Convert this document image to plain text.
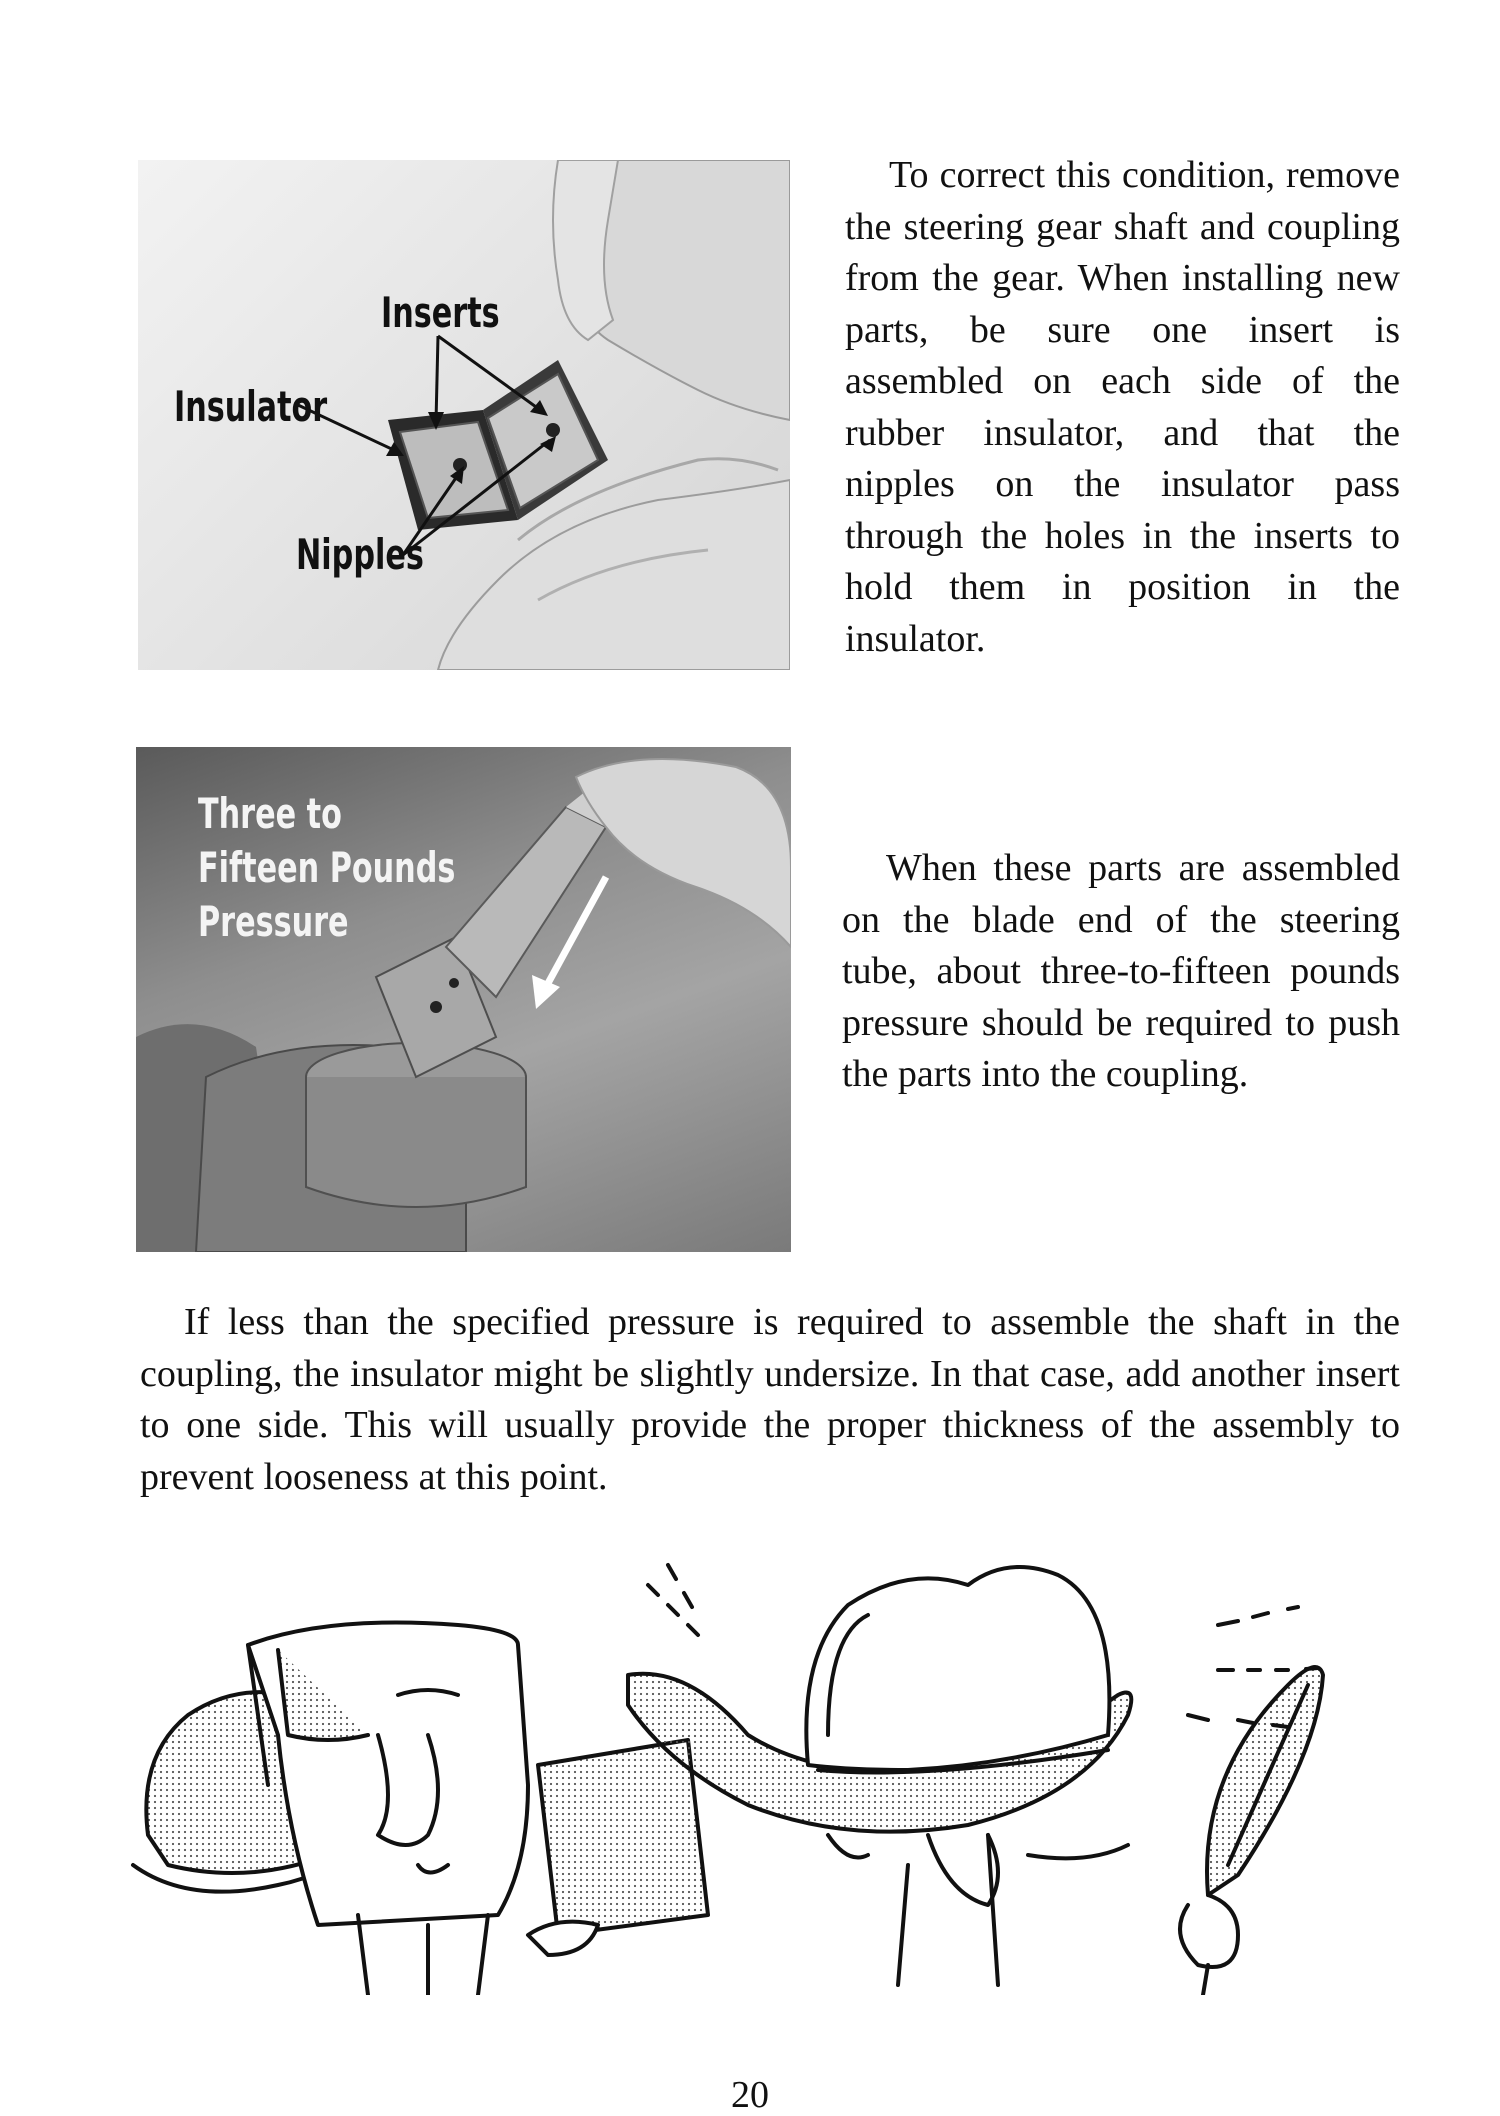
Inserts
Insulator
Nipples
To correct this condition, remove the steering gear shaft and coupling from the gear. When installing new parts, be sure one insert is assembled on each side of the rubber insulator, and that the nipples on the insulator pass through the holes in the inserts to hold them in position in the insulator.
Three to Fifteen Pounds Pressure
When these parts are assembled on the blade end of the steering tube, about three-to-fifteen pounds pressure should be required to push the parts into the coupling.
If less than the specified pressure is required to assemble the shaft in the coupling, the insulator might be slightly undersize. In that case, add another insert to one side. This will usually provide the proper thickness of the assembly to prevent looseness at this point.
20
